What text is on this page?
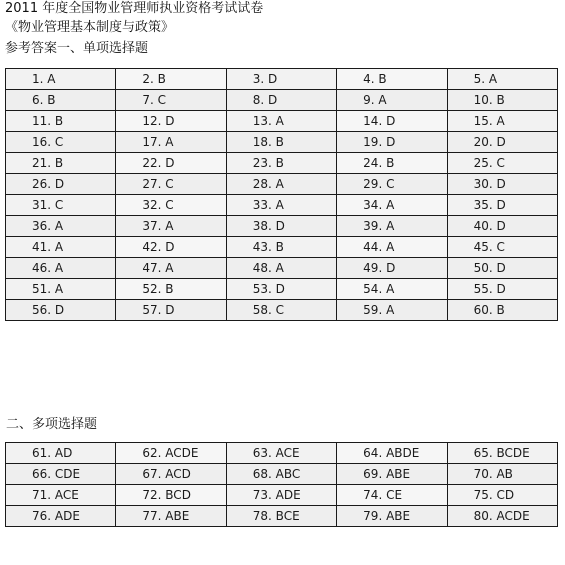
2011 年度全国物业管理师执业资格考试试卷
《物业管理基本制度与政策》
参考答案一、单项选择题
1. A	2. B	3. D	4. B	5. A
6. B	7. C	8. D	9. A	10. B
11. B	12. D	13. A	14. D	15. A
16. C	17. A	18. B	19. D	20. D
21. B	22. D	23. B	24. B	25. C
26. D	27. C	28. A	29. C	30. D
31. C	32. C	33. A	34. A	35. D
36. A	37. A	38. D	39. A	40. D
41. A	42. D	43. B	44. A	45. C
46. A	47. A	48. A	49. D	50. D
51. A	52. B	53. D	54. A	55. D
56. D	57. D	58. C	59. A	60. B
二、多项选择题
61. AD	62. ACDE	63. ACE	64. ABDE	65. BCDE
66. CDE	67. ACD	68. ABC	69. ABE	70. AB
71. ACE	72. BCD	73. ADE	74. CE	75. CD
76. ADE	77. ABE	78. BCE	79. ABE	80. ACDE
